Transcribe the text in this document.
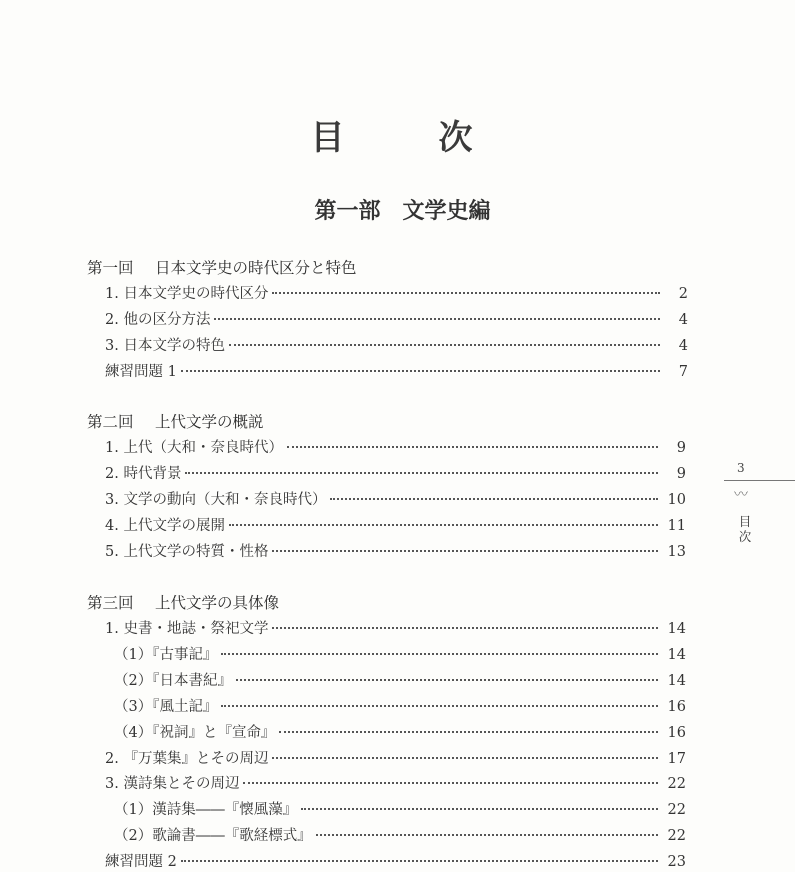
目　次
第一部 文学史編
第一回 日本文学史の時代区分と特色
1. 日本文学史の時代区分	2
2. 他の区分方法	4
3. 日本文学の特色	4
練習問題 1	7
第二回 上代文学の概説
1. 上代（大和・奈良時代）	9
2. 時代背景	9
3. 文学の動向（大和・奈良時代）	10
4. 上代文学の展開	11
5. 上代文学の特質・性格	13
第三回 上代文学の具体像
1. 史書・地誌・祭祀文学	14
（1）『古事記』	14
（2）『日本書紀』	14
（3）『風土記』	16
（4）『祝詞』と『宣命』	16
2. 『万葉集』とその周辺	17
3. 漢詩集とその周辺	22
（1）漢詩集――『懐風藻』	22
（2）歌論書――『歌経標式』	22
練習問題 2	23
3
〰
目
次
